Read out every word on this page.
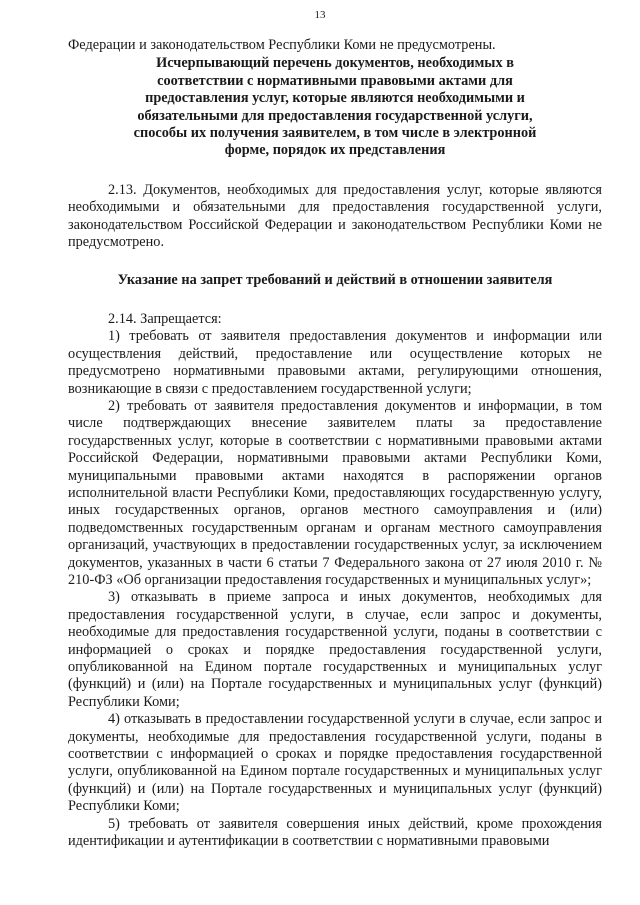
13

Федерации и законодательством Республики Коми не предусмотрены.

Исчерпывающий перечень документов, необходимых в соответствии с нормативными правовыми актами для предоставления услуг, которые являются необходимыми и обязательными для предоставления государственной услуги, способы их получения заявителем, в том числе в электронной форме, порядок их представления

2.13. Документов, необходимых для предоставления услуг, которые являются необходимыми и обязательными для предоставления государственной услуги, законодательством Российской Федерации и законодательством Республики Коми не предусмотрено.

Указание на запрет требований и действий в отношении заявителя

2.14. Запрещается:

1) требовать от заявителя предоставления документов и информации или осуществления действий, предоставление или осуществление которых не предусмотрено нормативными правовыми актами, регулирующими отношения, возникающие в связи с предоставлением государственной услуги;

2) требовать от заявителя предоставления документов и информации, в том числе подтверждающих внесение заявителем платы за предоставление государственных услуг, которые в соответствии с нормативными правовыми актами Российской Федерации, нормативными правовыми актами Республики Коми, муниципальными правовыми актами находятся в распоряжении органов исполнительной власти Республики Коми, предоставляющих государственную услугу, иных государственных органов, органов местного самоуправления и (или) подведомственных государственным органам и органам местного самоуправления организаций, участвующих в предоставлении государственных услуг, за исключением документов, указанных в части 6 статьи 7 Федерального закона от 27 июля 2010 г. № 210-ФЗ «Об организации предоставления государственных и муниципальных услуг»;

3) отказывать в приеме запроса и иных документов, необходимых для предоставления государственной услуги, в случае, если запрос и документы, необходимые для предоставления государственной услуги, поданы в соответствии с информацией о сроках и порядке предоставления государственной услуги, опубликованной на Едином портале государственных и муниципальных услуг (функций) и (или) на Портале государственных и муниципальных услуг (функций) Республики Коми;

4) отказывать в предоставлении государственной услуги в случае, если запрос и документы, необходимые для предоставления государственной услуги, поданы в соответствии с информацией о сроках и порядке предоставления государственной услуги, опубликованной на Едином портале государственных и муниципальных услуг (функций) и (или) на Портале государственных и муниципальных услуг (функций) Республики Коми;

5) требовать от заявителя совершения иных действий, кроме прохождения идентификации и аутентификации в соответствии с нормативными правовыми
